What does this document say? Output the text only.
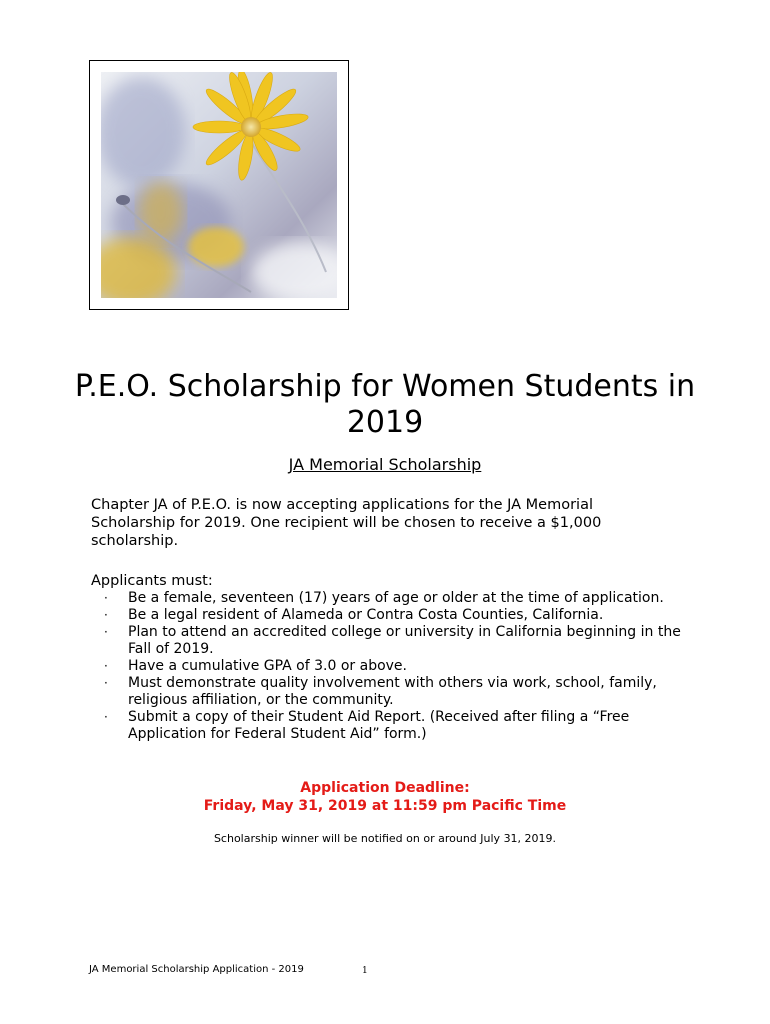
P.E.O. Scholarship for Women Students in 2019
JA Memorial Scholarship

Chapter JA of P.E.O. is now accepting applications for the JA Memorial Scholarship for 2019. One recipient will be chosen to receive a $1,000 scholarship.

Applicants must:
· Be a female, seventeen (17) years of age or older at the time of application.
· Be a legal resident of Alameda or Contra Costa Counties, California.
· Plan to attend an accredited college or university in California beginning in the Fall of 2019.
· Have a cumulative GPA of 3.0 or above.
· Must demonstrate quality involvement with others via work, school, family, religious affiliation, or the community.
· Submit a copy of their Student Aid Report. (Received after filing a “Free Application for Federal Student Aid” form.)
Application Deadline:
Friday, May 31, 2019 at 11:59 pm Pacific Time
Scholarship winner will be notified on or around July 31, 2019.
JA Memorial Scholarship Application - 2019	1
